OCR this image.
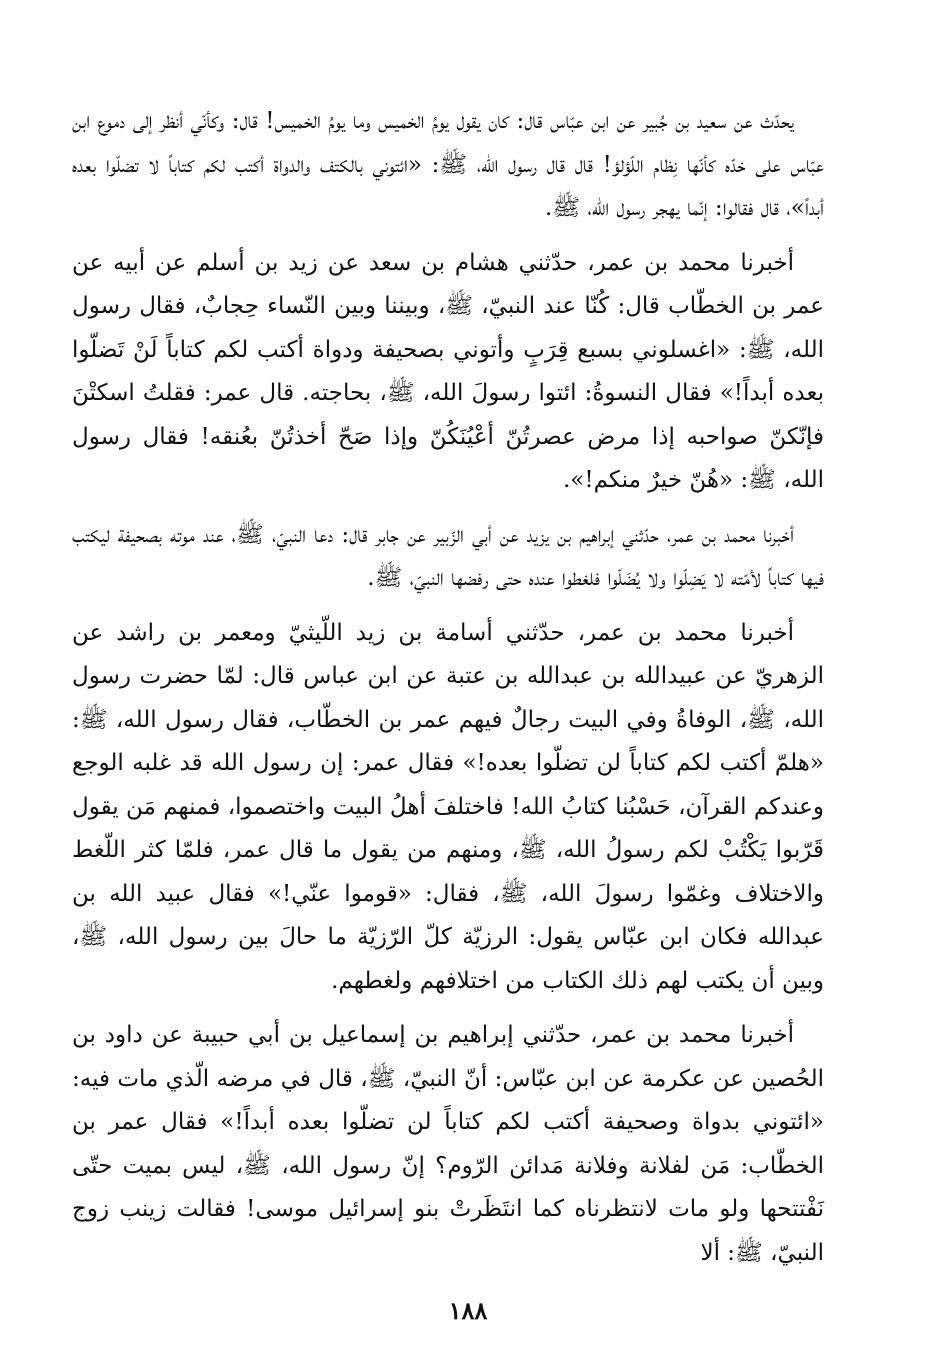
يحدّث عن سعيد بن جُبير عن ابن عبّاس قال: كان يقول يومُ الخميس وما يومُ الخميس! قال: وكأنّي أنظر إلى دموع ابن عبّاس على خدّه كأنّها نِظام اللّؤلؤ! قال قال رسول الله، ﷺ: «ائتوني بالكتف والدواة أكتب لكم كتاباً لا تضلّوا بعده أبداً»، قال فقالوا: إنّما يهجر رسول الله، ﷺ.

أخبرنا محمد بن عمر، حدّثني هشام بن سعد عن زيد بن أسلم عن أبيه عن عمر بن الخطّاب قال: كُنّا عند النبيّ، ﷺ، وبيننا وبين النّساء حِجابٌ، فقال رسول الله، ﷺ: «اغسلوني بسبع قِرَبٍ وأتوني بصحيفة ودواة أكتب لكم كتاباً لَنْ تَضلّوا بعده أبداً!» فقال النسوةُ: ائتوا رسولَ الله، ﷺ، بحاجته. قال عمر: فقلتُ اسكتْنَ فإنّكنّ صواحبه إذا مرض عصرتُنّ أعْيُنَكُنّ وإذا صَحّ أخذتُنّ بعُنقه! فقال رسول الله، ﷺ: «هُنّ خيرٌ منكم!».

أخبرنا محمد بن عمر، حدّثني إبراهيم بن يزيد عن أبي الزّبير عن جابر قال: دعا النبيّ، ﷺ، عند موته بصحيفة ليكتب فيها كتاباً لأمّته لا يَضِلّوا ولا يُضَلّوا فلغطوا عنده حتى رفضها النبيّ، ﷺ.

أخبرنا محمد بن عمر، حدّثني أسامة بن زيد اللّيثيّ ومعمر بن راشد عن الزهريّ عن عبيدالله بن عبدالله بن عتبة عن ابن عباس قال: لمّا حضرت رسول الله، ﷺ، الوفاةُ وفي البيت رجالٌ فيهم عمر بن الخطّاب، فقال رسول الله، ﷺ: «هلمّ أكتب لكم كتاباً لن تضلّوا بعده!» فقال عمر: إن رسول الله قد غلبه الوجع وعندكم القرآن، حَسْبُنا كتابُ الله! فاختلفَ أهلُ البيت واختصموا، فمنهم مَن يقول قَرّبوا يَكْتُبْ لكم رسولُ الله، ﷺ، ومنهم من يقول ما قال عمر، فلمّا كثر اللّغط والاختلاف وغمّوا رسولَ الله، ﷺ، فقال: «قوموا عنّي!» فقال عبيد الله بن عبدالله فكان ابن عبّاس يقول: الرزيّة كلّ الرّزيّة ما حالَ بين رسول الله، ﷺ، وبين أن يكتب لهم ذلك الكتاب من اختلافهم ولغطهم.

أخبرنا محمد بن عمر، حدّثني إبراهيم بن إسماعيل بن أبي حبيبة عن داود بن الحُصين عن عكرمة عن ابن عبّاس: أنّ النبيّ، ﷺ، قال في مرضه الّذي مات فيه: «ائتوني بدواة وصحيفة أكتب لكم كتاباً لن تضلّوا بعده أبداً!» فقال عمر بن الخطّاب: مَن لفلانة وفلانة مَدائن الرّوم؟ إنّ رسول الله، ﷺ، ليس بميت حتّى نَفْتتحها ولو مات لانتظرناه كما انتَظَرتْ بنو إسرائيل موسى! فقالت زينب زوج النبيّ، ﷺ: ألا

١٨٨
